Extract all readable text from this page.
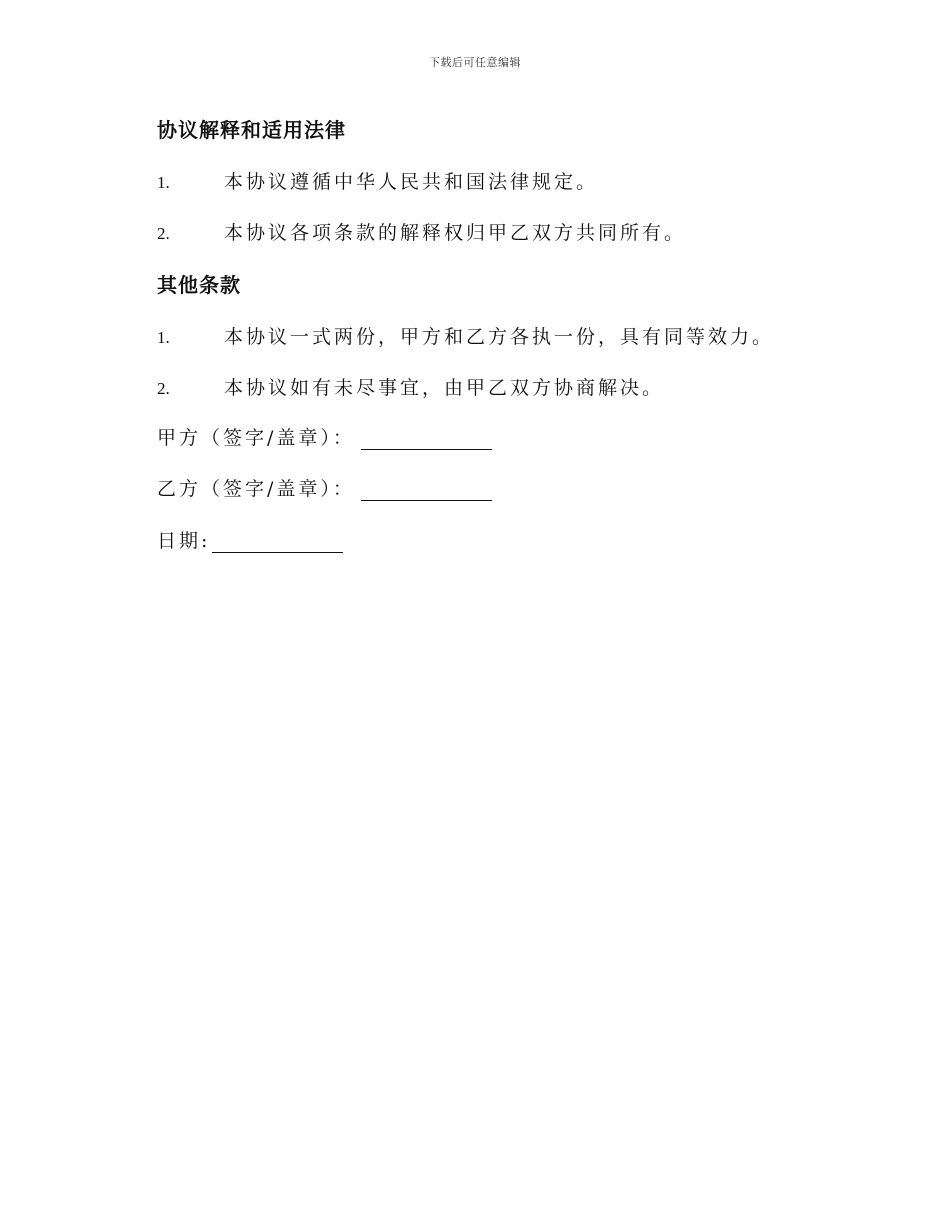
下载后可任意编辑
协议解释和适用法律
1.	本协议遵循中华人民共和国法律规定。
2.	本协议各项条款的解释权归甲乙双方共同所有。
其他条款
1.	本协议一式两份，甲方和乙方各执一份，具有同等效力。
2.	本协议如有未尽事宜，由甲乙双方协商解决。
甲方（签字/盖章）：
乙方（签字/盖章）：
日期:
